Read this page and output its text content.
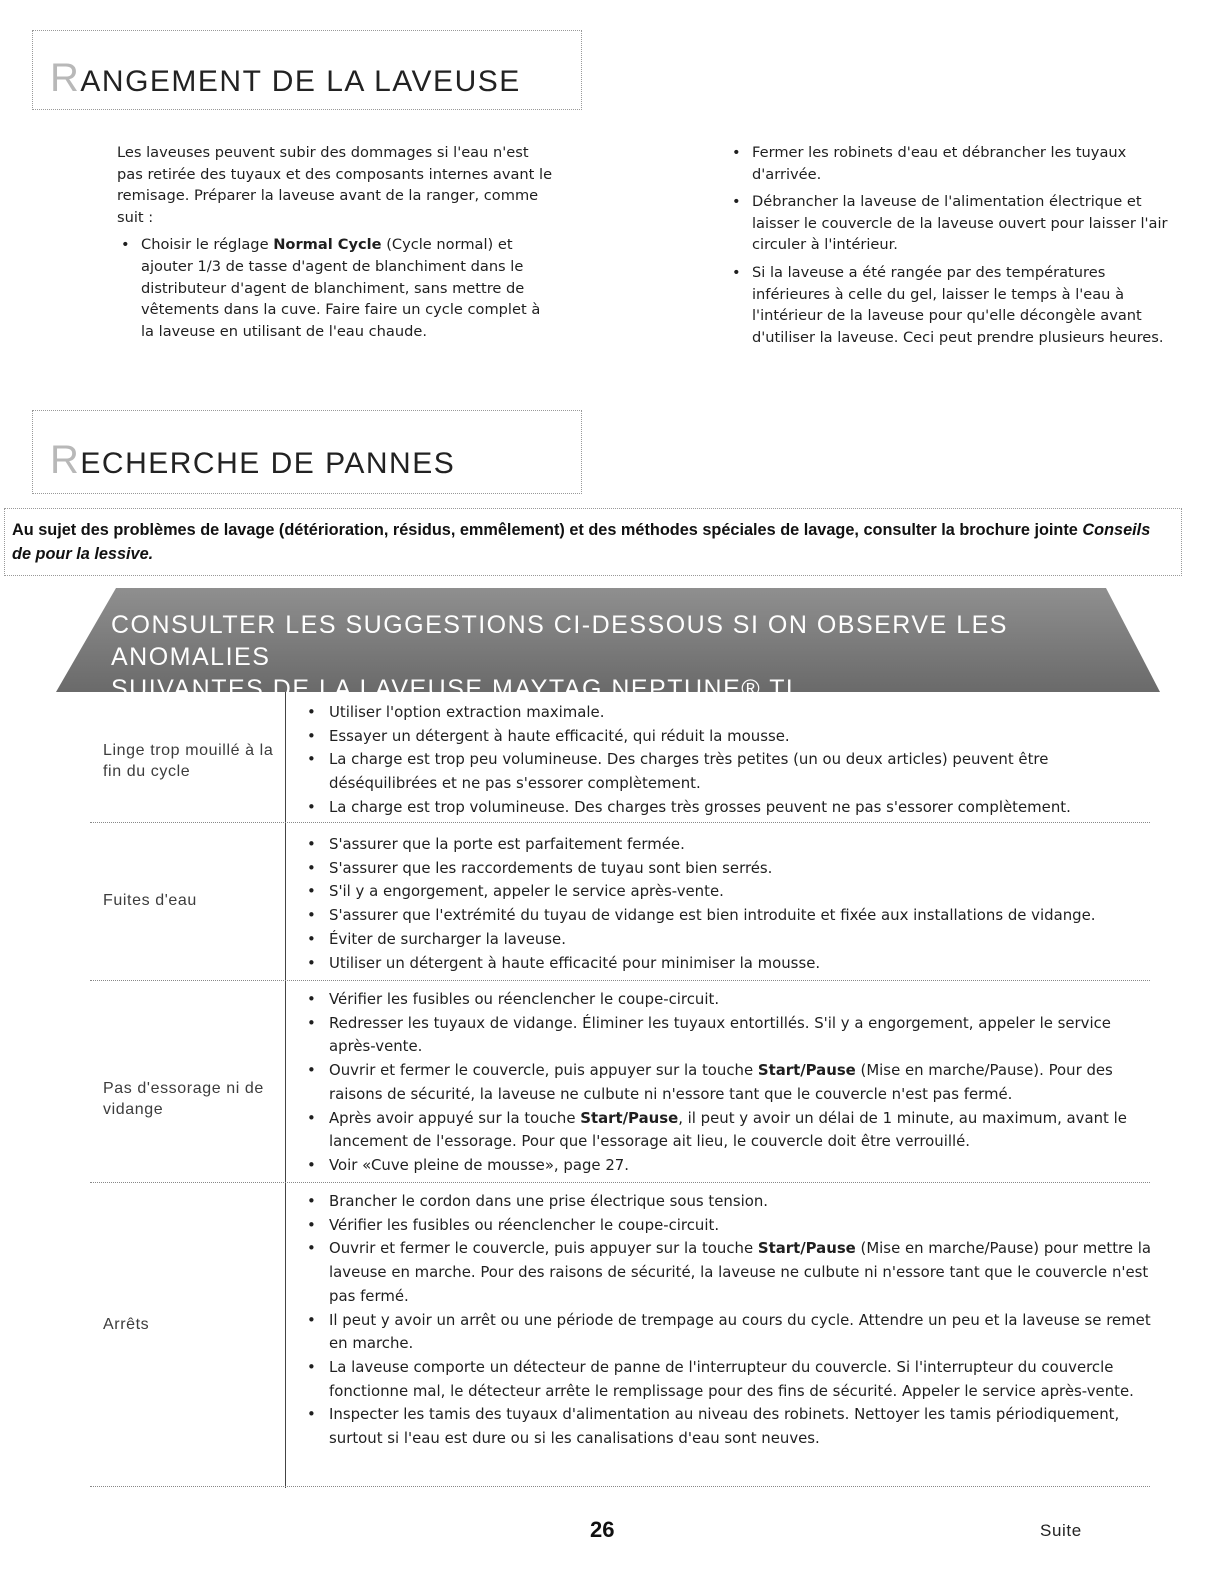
RANGEMENT DE LA LAVEUSE

Les laveuses peuvent subir des dommages si l'eau n'est pas retirée des tuyaux et des composants internes avant le remisage. Préparer la laveuse avant de la ranger, comme suit :

• Choisir le réglage Normal Cycle (Cycle normal) et ajouter 1/3 de tasse d'agent de blanchiment dans le distributeur d'agent de blanchiment, sans mettre de vêtements dans la cuve. Faire faire un cycle complet à la laveuse en utilisant de l'eau chaude.
• Fermer les robinets d'eau et débrancher les tuyaux d'arrivée.
• Débrancher la laveuse de l'alimentation électrique et laisser le couvercle de la laveuse ouvert pour laisser l'air circuler à l'intérieur.
• Si la laveuse a été rangée par des températures inférieures à celle du gel, laisser le temps à l'eau à l'intérieur de la laveuse pour qu'elle décongèle avant d'utiliser la laveuse. Ceci peut prendre plusieurs heures.
RECHERCHE DE PANNES
Au sujet des problèmes de lavage (détérioration, résidus, emmêlement) et des méthodes spéciales de lavage, consulter la brochure jointe Conseils de pour la lessive.
CONSULTER LES SUGGESTIONS CI-DESSOUS SI ON OBSERVE LES ANOMALIES
SUIVANTES DE LA LAVEUSE MAYTAG NEPTUNE® TL…
Linge trop mouillé à la fin du cycle
• Utiliser l'option extraction maximale.
• Essayer un détergent à haute efficacité, qui réduit la mousse.
• La charge est trop peu volumineuse. Des charges très petites (un ou deux articles) peuvent être déséquilibrées et ne pas s'essorer complètement.
• La charge est trop volumineuse. Des charges très grosses peuvent ne pas s'essorer complètement.
Fuites d'eau
• S'assurer que la porte est parfaitement fermée.
• S'assurer que les raccordements de tuyau sont bien serrés.
• S'il y a engorgement, appeler le service après-vente.
• S'assurer que l'extrémité du tuyau de vidange est bien introduite et fixée aux installations de vidange.
• Éviter de surcharger la laveuse.
• Utiliser un détergent à haute efficacité pour minimiser la mousse.
Pas d'essorage ni de vidange
• Vérifier les fusibles ou réenclencher le coupe-circuit.
• Redresser les tuyaux de vidange. Éliminer les tuyaux entortillés. S'il y a engorgement, appeler le service après-vente.
• Ouvrir et fermer le couvercle, puis appuyer sur la touche Start/Pause (Mise en marche/Pause). Pour des raisons de sécurité, la laveuse ne culbute ni n'essore tant que le couvercle n'est pas fermé.
• Après avoir appuyé sur la touche Start/Pause, il peut y avoir un délai de 1 minute, au maximum, avant le lancement de l'essorage. Pour que l'essorage ait lieu, le couvercle doit être verrouillé.
• Voir «Cuve pleine de mousse», page 27.
Arrêts
• Brancher le cordon dans une prise électrique sous tension.
• Vérifier les fusibles ou réenclencher le coupe-circuit.
• Ouvrir et fermer le couvercle, puis appuyer sur la touche Start/Pause (Mise en marche/Pause) pour mettre la laveuse en marche. Pour des raisons de sécurité, la laveuse ne culbute ni n'essore tant que le couvercle n'est pas fermé.
• Il peut y avoir un arrêt ou une période de trempage au cours du cycle. Attendre un peu et la laveuse se remet en marche.
• La laveuse comporte un détecteur de panne de l'interrupteur du couvercle. Si l'interrupteur du couvercle fonctionne mal, le détecteur arrête le remplissage pour des fins de sécurité. Appeler le service après-vente.
• Inspecter les tamis des tuyaux d'alimentation au niveau des robinets. Nettoyer les tamis périodiquement, surtout si l'eau est dure ou si les canalisations d'eau sont neuves.
26	Suite
